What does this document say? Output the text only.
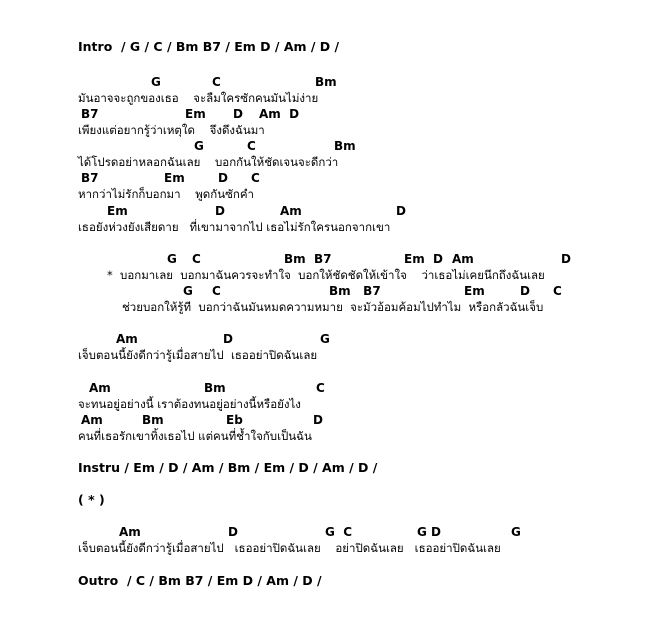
Intro  / G / C / Bm B7 / Em D / Am / D /
G	C	Bm
มันอาจจะถูกของเธอ    จะลืมใครซักคนมันไม่ง่าย
B7	Em D Am  D
เพียงแต่อยากรู้ว่าเหตุใด    จึงดึงฉันมา
G	C	Bm
ได้โปรดอย่าหลอกฉันเลย    บอกกันให้ชัดเจนจะดีกว่า
B7	Em	D C
หากว่าไม่รักก็บอกมา    พูดกันซักคำ
Em	D	Am	D
เธอยังห่วงยังเสียดาย   ที่เขามาจากไป เธอไม่รักใครนอกจากเขา
G C	Bm  B7	Em  D Am	D
*  บอกมาเลย  บอกมาฉันควรจะทำใจ  บอกให้ชัดชัดให้เข้าใจ    ว่าเธอไม่เคยนึกถึงฉันเลย
G C	Bm   B7	Em	D C
ช่วยบอกให้รู้ที  บอกว่าฉันมันหมดความหมาย  จะมัวอ้อมค้อมไปทำไม  หรือกลัวฉันเจ็บ
Am	D	G
เจ็บตอนนี้ยังดีกว่ารู้เมื่อสายไป  เธออย่าปิดฉันเลย
Am	Bm	C
จะทนอยู่อย่างนี้ เราต้องทนอยู่อย่างนี้หรือยังไง
Am	Bm	Eb	D
คนที่เธอรักเขาทิ้งเธอไป แต่คนที่ช้ำใจกับเป็นฉัน
Instru / Em / D / Am / Bm / Em / D / Am / D /
( * )
Am	D	G  C	G D	G
เจ็บตอนนี้ยังดีกว่ารู้เมื่อสายไป   เธออย่าปิดฉันเลย    อย่าปิดฉันเลย   เธออย่าปิดฉันเลย
Outro  / C / Bm B7 / Em D / Am / D /
